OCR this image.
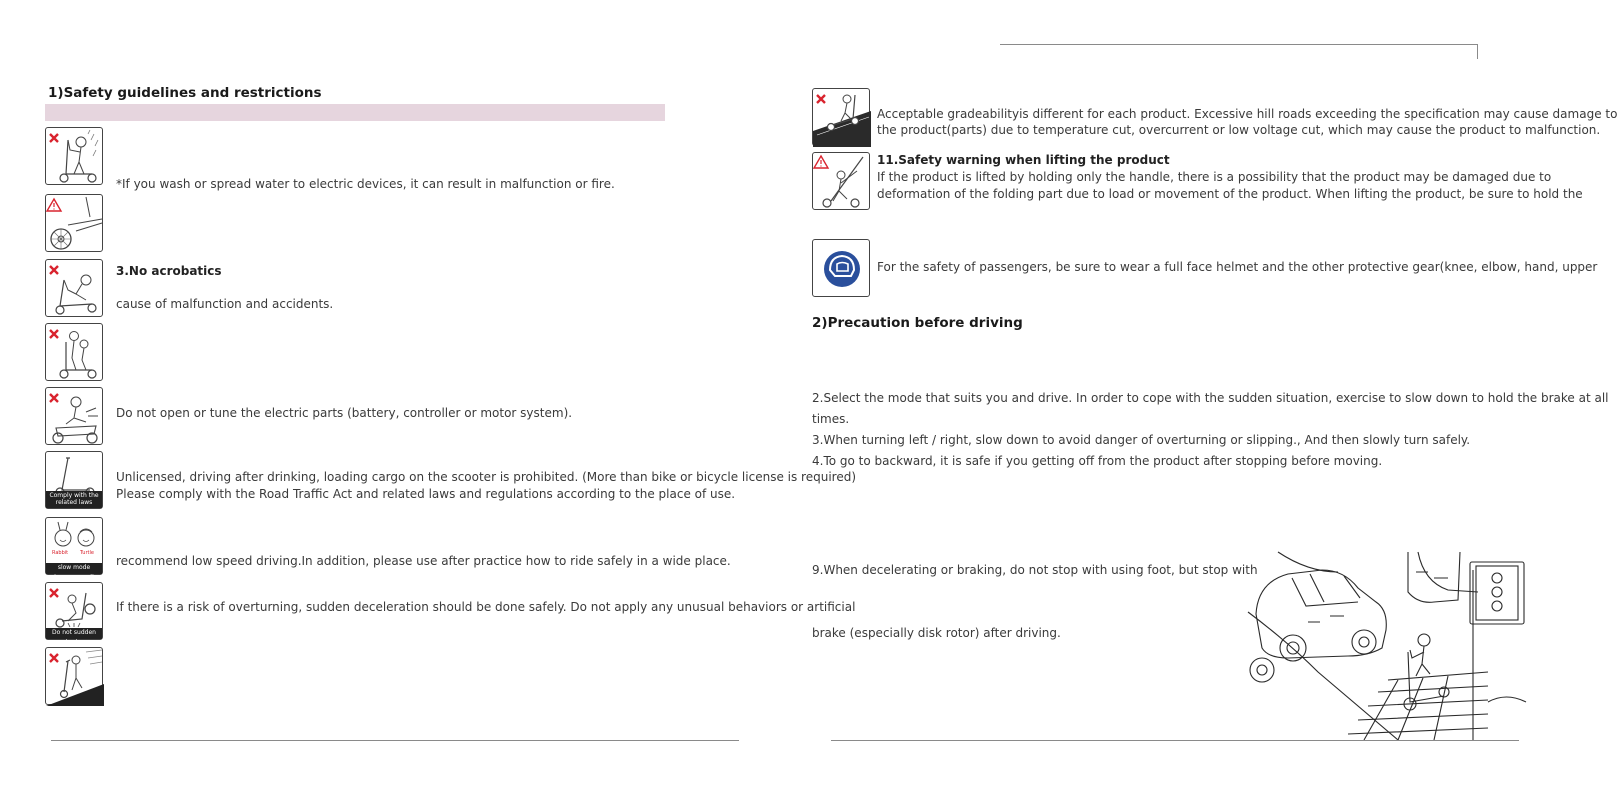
1)Safety guidelines and restrictions
*If you wash or spread water to electric devices, it can result in malfunction or fire.
3.No acrobatics
cause of malfunction and accidents.
Do not open or tune the electric parts (battery, controller or motor system).
Comply with the related laws
Unlicensed, driving after drinking, loading cargo on the scooter is prohibited. (More than bike or bicycle license is required)
Please comply with the Road Traffic Act and related laws and regulations according to the place of use.
Rabbit Turtle
slow mode (recommend)
recommend low speed driving.In addition, please use after practice how to ride safely in a wide place.
Do not sudden brake
If there is a risk of overturning, sudden deceleration should be done safely. Do not apply any unusual behaviors or artificial
Acceptable gradeabilityis different for each product. Excessive hill roads exceeding the specification may cause damage to
the product(parts) due to temperature cut, overcurrent or low voltage cut, which may cause the product to malfunction.
11.Safety warning when lifting the product
If the product is lifted by holding only the handle, there is a possibility that the product may be damaged due to
deformation of the folding part due to load or movement of the product. When lifting the product, be sure to hold the
For the safety of passengers, be sure to wear a full face helmet and the other protective gear(knee, elbow, hand, upper
2)Precaution before driving
2.Select the mode that suits you and drive. In order to cope with the sudden situation, exercise to slow down to hold the brake at all
times.
3.When turning left / right, slow down to avoid danger of overturning or slipping., And then slowly turn safely.
4.To go to backward, it is safe if you getting off from the product after stopping before moving.
9.When decelerating or braking, do not stop with using foot, but stop with
brake (especially disk rotor) after driving.
